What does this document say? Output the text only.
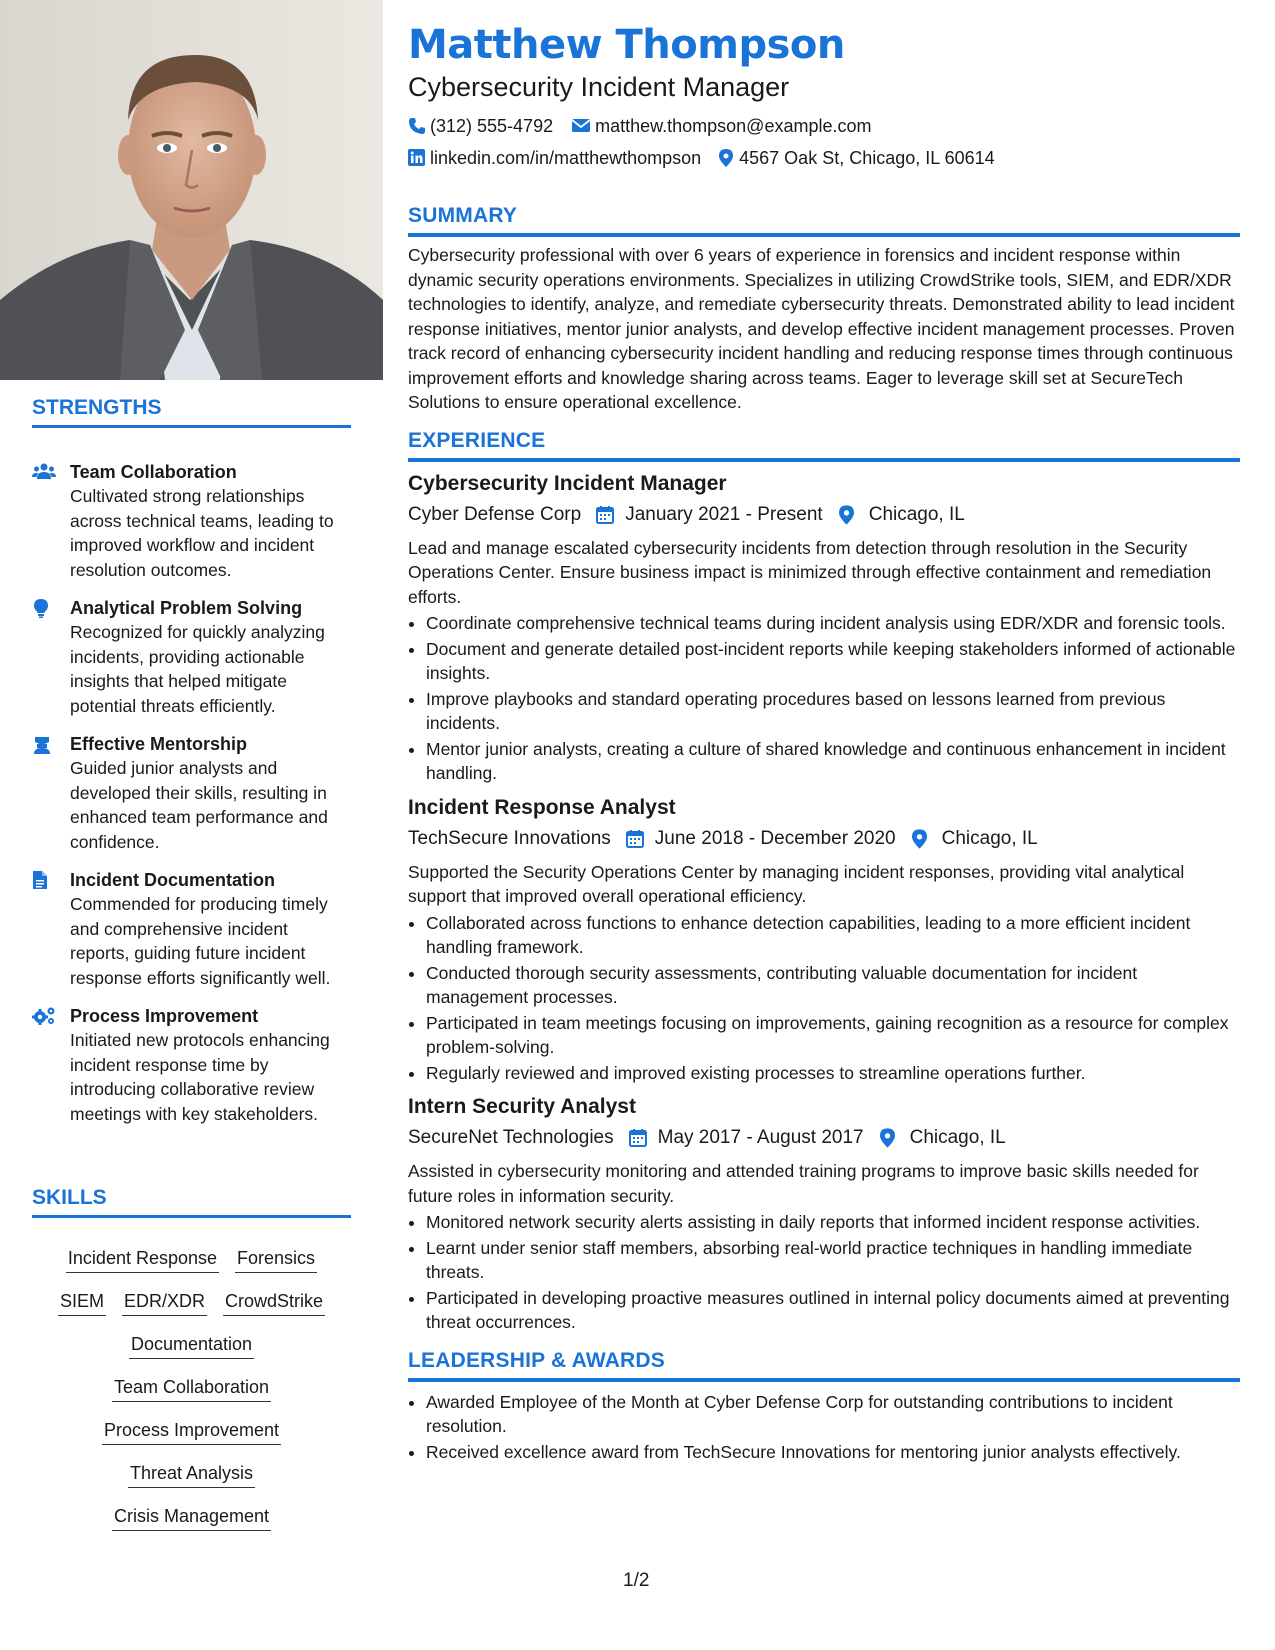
STRENGTHS
Team Collaboration
Cultivated strong relationships across technical teams, leading to improved workflow and incident resolution outcomes.
Analytical Problem Solving
Recognized for quickly analyzing incidents, providing actionable insights that helped mitigate potential threats efficiently.
Effective Mentorship
Guided junior analysts and developed their skills, resulting in enhanced team performance and confidence.
Incident Documentation
Commended for producing timely and comprehensive incident reports, guiding future incident response efforts significantly well.
Process Improvement
Initiated new protocols enhancing incident response time by introducing collaborative review meetings with key stakeholders.
SKILLS
Incident Response Forensics
SIEM EDR/XDR CrowdStrike
Documentation
Team Collaboration
Process Improvement
Threat Analysis
Crisis Management
Matthew Thompson
Cybersecurity Incident Manager
(312) 555-4792 matthew.thompson@example.com
linkedin.com/in/matthewthompson 4567 Oak St, Chicago, IL 60614
SUMMARY

Cybersecurity professional with over 6 years of experience in forensics and incident response within dynamic security operations environments. Specializes in utilizing CrowdStrike tools, SIEM, and EDR/XDR technologies to identify, analyze, and remediate cybersecurity threats. Demonstrated ability to lead incident response initiatives, mentor junior analysts, and develop effective incident management processes. Proven track record of enhancing cybersecurity incident handling and reducing response times through continuous improvement efforts and knowledge sharing across teams. Eager to leverage skill set at SecureTech Solutions to ensure operational excellence.

EXPERIENCE
Cybersecurity Incident Manager
Cyber Defense Corp January 2021 - Present Chicago, IL

Lead and manage escalated cybersecurity incidents from detection through resolution in the Security Operations Center. Ensure business impact is minimized through effective containment and remediation efforts.

• Coordinate comprehensive technical teams during incident analysis using EDR/XDR and forensic tools.
• Document and generate detailed post-incident reports while keeping stakeholders informed of actionable insights.
• Improve playbooks and standard operating procedures based on lessons learned from previous incidents.
• Mentor junior analysts, creating a culture of shared knowledge and continuous enhancement in incident handling.
Incident Response Analyst
TechSecure Innovations June 2018 - December 2020 Chicago, IL

Supported the Security Operations Center by managing incident responses, providing vital analytical support that improved overall operational efficiency.

• Collaborated across functions to enhance detection capabilities, leading to a more efficient incident handling framework.
• Conducted thorough security assessments, contributing valuable documentation for incident management processes.
• Participated in team meetings focusing on improvements, gaining recognition as a resource for complex problem-solving.
• Regularly reviewed and improved existing processes to streamline operations further.
Intern Security Analyst
SecureNet Technologies May 2017 - August 2017 Chicago, IL

Assisted in cybersecurity monitoring and attended training programs to improve basic skills needed for future roles in information security.

• Monitored network security alerts assisting in daily reports that informed incident response activities.
• Learnt under senior staff members, absorbing real-world practice techniques in handling immediate threats.
• Participated in developing proactive measures outlined in internal policy documents aimed at preventing threat occurrences.
LEADERSHIP & AWARDS
• Awarded Employee of the Month at Cyber Defense Corp for outstanding contributions to incident resolution.
• Received excellence award from TechSecure Innovations for mentoring junior analysts effectively.
1/2
